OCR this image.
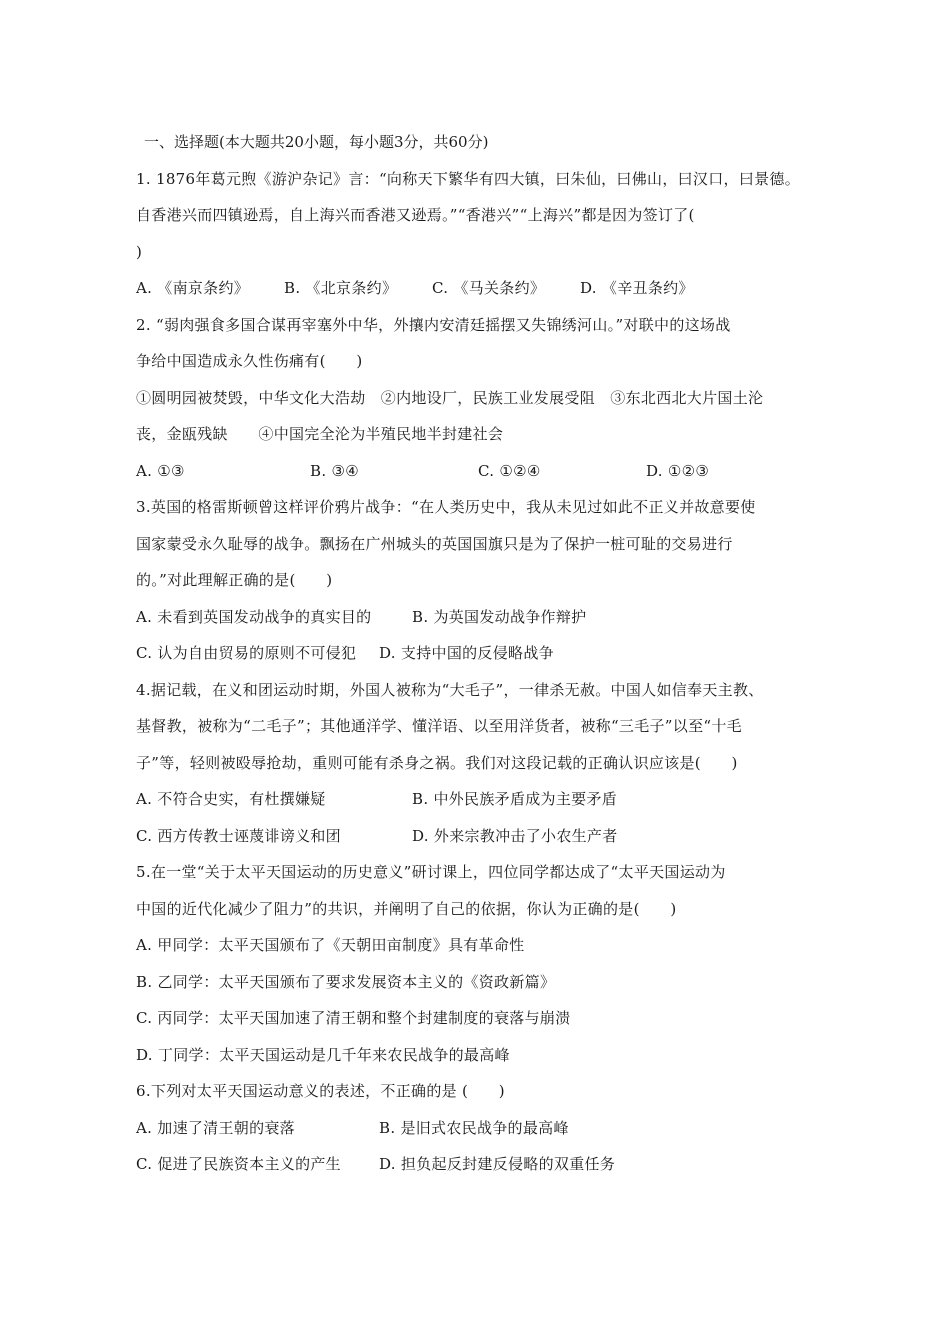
一、选择题(本大题共20小题，每小题3分，共60分)
1. 1876年葛元煦《游沪杂记》言：“向称天下繁华有四大镇，曰朱仙，曰佛山，曰汉口，曰景德。
自香港兴而四镇逊焉，自上海兴而香港又逊焉。”“香港兴”“上海兴”都是因为签订了(
)
A. 《南京条约》	B. 《北京条约》	C. 《马关条约》	D. 《辛丑条约》
2. “弱肉强食多国合谋再宰塞外中华，外攘内安清廷摇摆又失锦绣河山。”对联中的这场战
争给中国造成永久性伤痛有(　　)
①圆明园被焚毁，中华文化大浩劫　②内地设厂，民族工业发展受阻　③东北西北大片国土沦
丧，金瓯残缺　　④中国完全沦为半殖民地半封建社会
A. ①③	B. ③④	C. ①②④	D. ①②③
3.英国的格雷斯顿曾这样评价鸦片战争：“在人类历史中，我从未见过如此不正义并故意要使
国家蒙受永久耻辱的战争。飘扬在广州城头的英国国旗只是为了保护一桩可耻的交易进行
的。”对此理解正确的是(　　)
A. 未看到英国发动战争的真实目的	B. 为英国发动战争作辩护
C. 认为自由贸易的原则不可侵犯	D. 支持中国的反侵略战争
4.据记载，在义和团运动时期，外国人被称为“大毛子”，一律杀无赦。中国人如信奉天主教、
基督教，被称为“二毛子”；其他通洋学、懂洋语、以至用洋货者，被称“三毛子”以至“十毛
子”等，轻则被殴辱抢劫，重则可能有杀身之祸。我们对这段记载的正确认识应该是(　　)
A. 不符合史实，有杜撰嫌疑	B. 中外民族矛盾成为主要矛盾
C. 西方传教士诬蔑诽谤义和团	D. 外来宗教冲击了小农生产者
5.在一堂“关于太平天国运动的历史意义”研讨课上，四位同学都达成了“太平天国运动为
中国的近代化减少了阻力”的共识，并阐明了自己的依据，你认为正确的是(　　)
A. 甲同学：太平天国颁布了《天朝田亩制度》具有革命性
B. 乙同学：太平天国颁布了要求发展资本主义的《资政新篇》
C. 丙同学：太平天国加速了清王朝和整个封建制度的衰落与崩溃
D. 丁同学：太平天国运动是几千年来农民战争的最高峰
6.下列对太平天国运动意义的表述，不正确的是 (　　)
A. 加速了清王朝的衰落	B. 是旧式农民战争的最高峰
C. 促进了民族资本主义的产生	D. 担负起反封建反侵略的双重任务
